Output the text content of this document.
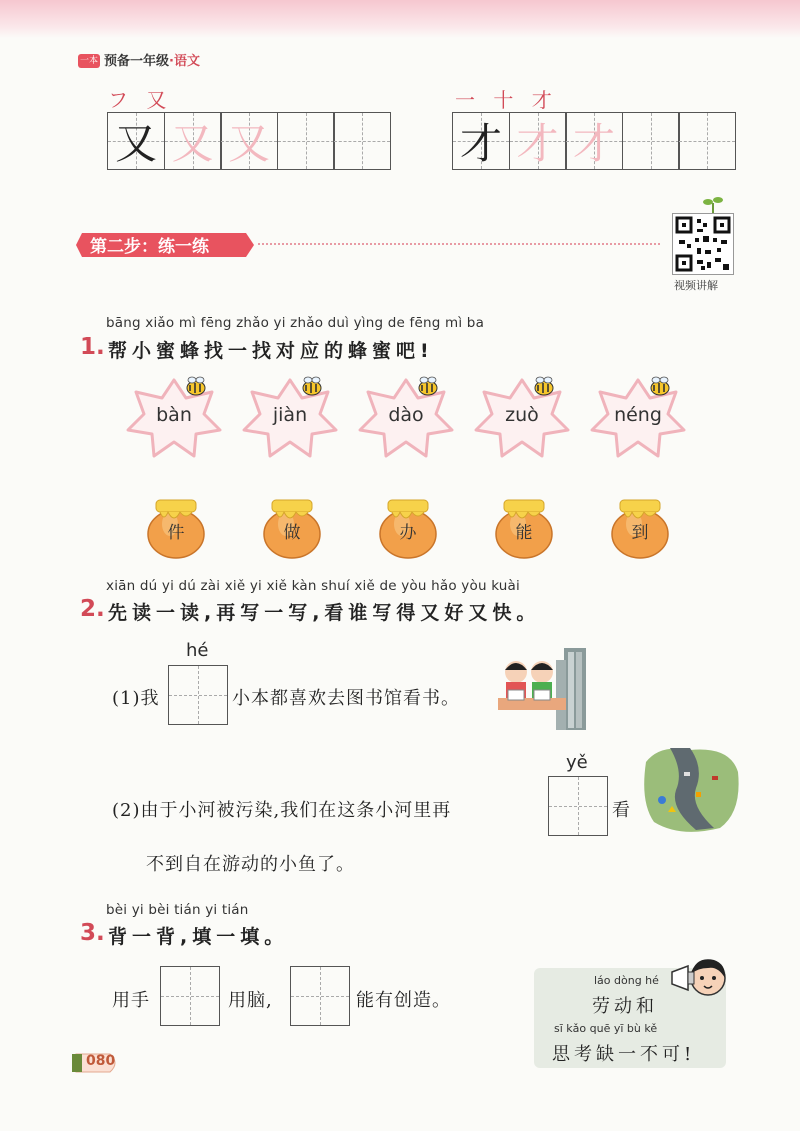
一本 预备一年级·语文
フ 又
又 又 又
一 十 才
才 才 才
第二步：练一练
视频讲解
bāng xiǎo mì fēng zhǎo yi zhǎo duì yìng de fēng mì ba
1. 帮小蜜蜂找一找对应的蜂蜜吧!
bàn	jiàn	dào	zuò	néng
件	做	办	能	到
xiān dú yi dú zài xiě yi xiě kàn shuí xiě de yòu hǎo yòu kuài
2. 先读一读,再写一写,看谁写得又好又快。
hé
(1)我	小本都喜欢去图书馆看书。
yě
(2)由于小河被污染,我们在这条小河里再	看
不到自在游动的小鱼了。
bèi yi bèi tián yi tián
3. 背一背,填一填。
用手	用脑,	能有创造。
láo dòng hé
劳动和
sī kǎo quē yī bù kě
思考缺一不可!
080
